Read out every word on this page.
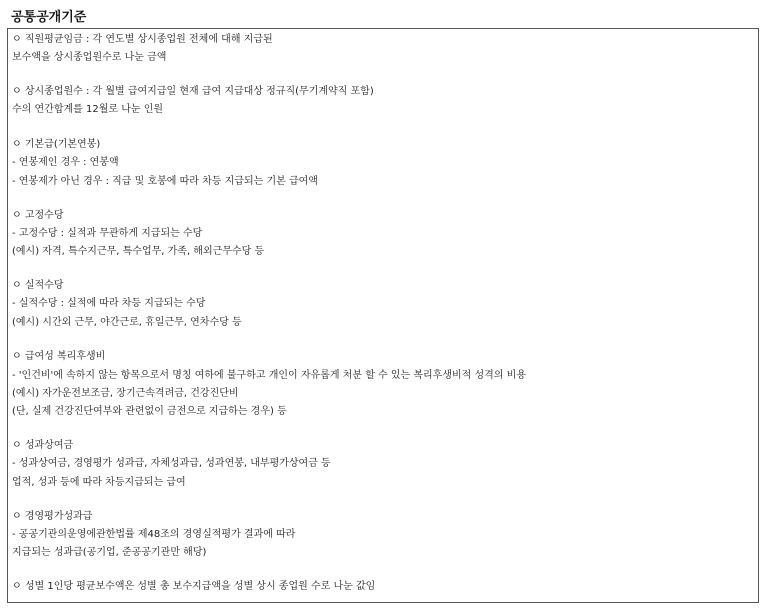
공통공개기준
ㅇ 직원평균임금 : 각 연도별 상시종업원 전체에 대해 지급된
보수액을 상시종업원수로 나눈 금액
ㅇ 상시종업원수 : 각 월별 급여지급일 현재 급여 지급대상 정규직(무기계약직 포함)
수의 연간합계를 12월로 나눈 인원
ㅇ 기본급(기본연봉)
- 연봉제인 경우 : 연봉액
- 연봉제가 아닌 경우 : 직급 및 호봉에 따라 차등 지급되는 기본 급여액
ㅇ 고정수당
- 고정수당 : 실적과 무관하게 지급되는 수당
(예시) 자격, 특수지근무, 특수업무, 가족, 해외근무수당 등
ㅇ 실적수당
- 실적수당 : 실적에 따라 차등 지급되는 수당
(예시) 시간외 근무, 야간근로, 휴일근무, 연차수당 등
ㅇ 급여성 복리후생비
- '인건비'에 속하지 않는 항목으로서 명칭 여하에 불구하고 개인이 자유롭게 처분 할 수 있는 복리후생비적 성격의 비용
(예시) 자가운전보조금, 장기근속격려금, 건강진단비
(단, 실제 건강진단여부와 관련없이 금전으로 지급하는 경우) 등
ㅇ 성과상여금
- 성과상여금, 경영평가 성과급, 자체성과급, 성과연봉, 내부평가상여금 등
업적, 성과 등에 따라 차등지급되는 급여
ㅇ 경영평가성과급
- 공공기관의운영에관한법률 제48조의 경영실적평가 결과에 따라
지급되는 성과급(공기업, 준공공기관만 해당)
ㅇ 성별 1인당 평균보수액은 성별 총 보수지급액을 성별 상시 종업원 수로 나눈 값임
